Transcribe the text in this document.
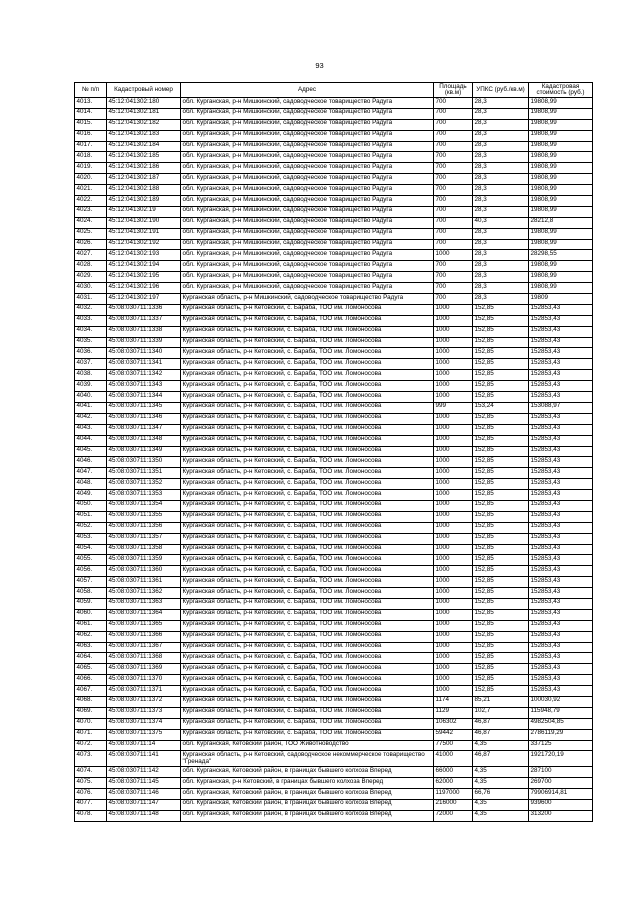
93
№ п/п	Кадастровый номер	Адрес	Площадь (кв.м)	УПКС (руб./кв.м)	Кадастровая стоимость (руб.)
4013.	45:12:041302:180	обл. Курганская, р-н Мишкинский, садоводческое товарищество Радуга	700	28,3	19808,99
4014.	45:12:041302:181	обл. Курганская, р-н Мишкинский, садоводческое товарищество Радуга	700	28,3	19808,99
4015.	45:12:041302:182	обл. Курганская, р-н Мишкинский, садоводческое товарищество Радуга	700	28,3	19808,99
4016.	45:12:041302:183	обл. Курганская, р-н Мишкинский, садоводческое товарищество Радуга	700	28,3	19808,99
4017.	45:12:041302:184	обл. Курганская, р-н Мишкинский, садоводческое товарищество Радуга	700	28,3	19808,99
4018.	45:12:041302:185	обл. Курганская, р-н Мишкинский, садоводческое товарищество Радуга	700	28,3	19808,99
4019.	45:12:041302:186	обл. Курганская, р-н Мишкинский, садоводческое товарищество Радуга	700	28,3	19808,99
4020.	45:12:041302:187	обл. Курганская, р-н Мишкинский, садоводческое товарищество Радуга	700	28,3	19808,99
4021.	45:12:041302:188	обл. Курганская, р-н Мишкинский, садоводческое товарищество Радуга	700	28,3	19808,99
4022.	45:12:041302:189	обл. Курганская, р-н Мишкинский, садоводческое товарищество Радуга	700	28,3	19808,99
4023.	45:12:041302:19	обл. Курганская, р-н Мишкинский, садоводческое товарищество Радуга	700	28,3	19808,99
4024.	45:12:041302:190	обл. Курганская, р-н Мишкинский, садоводческое товарищество Радуга	700	40,3	28212,8
4025.	45:12:041302:191	обл. Курганская, р-н Мишкинский, садоводческое товарищество Радуга	700	28,3	19808,99
4026.	45:12:041302:192	обл. Курганская, р-н Мишкинский, садоводческое товарищество Радуга	700	28,3	19808,99
4027.	45:12:041302:193	обл. Курганская, р-н Мишкинский, садоводческое товарищество Радуга	1000	28,3	28298,55
4028.	45:12:041302:194	обл. Курганская, р-н Мишкинский, садоводческое товарищество Радуга	700	28,3	19808,99
4029.	45:12:041302:195	обл. Курганская, р-н Мишкинский, садоводческое товарищество Радуга	700	28,3	19808,99
4030.	45:12:041302:196	обл. Курганская, р-н Мишкинский, садоводческое товарищество Радуга	700	28,3	19808,99
4031.	45:12:041302:197	Курганская область, р-н Мишкинский, садоводческое товарищество Радуга	700	28,3	19809
4032.	45:08:030711:1336	Курганская область, р-н Кетовский, с. Бараба, ТОО им. Ломоносова	1000	152,85	152853,43
4033.	45:08:030711:1337	Курганская область, р-н Кетовский, с. Бараба, ТОО им. Ломоносова	1000	152,85	152853,43
4034.	45:08:030711:1338	Курганская область, р-н Кетовский, с. Бараба, ТОО им. Ломоносова	1000	152,85	152853,43
4035.	45:08:030711:1339	Курганская область, р-н Кетовский, с. Бараба, ТОО им. Ломоносова	1000	152,85	152853,43
4036.	45:08:030711:1340	Курганская область, р-н Кетовский, с. Бараба, ТОО им. Ломоносова	1000	152,85	152853,43
4037.	45:08:030711:1341	Курганская область, р-н Кетовский, с. Бараба, ТОО им. Ломоносова	1000	152,85	152853,43
4038.	45:08:030711:1342	Курганская область, р-н Кетовский, с. Бараба, ТОО им. Ломоносова	1000	152,85	152853,43
4039.	45:08:030711:1343	Курганская область, р-н Кетовский, с. Бараба, ТОО им. Ломоносова	1000	152,85	152853,43
4040.	45:08:030711:1344	Курганская область, р-н Кетовский, с. Бараба, ТОО им. Ломоносова	1000	152,85	152853,43
4041.	45:08:030711:1345	Курганская область, р-н Кетовский, с. Бараба, ТОО им. Ломоносова	999	153,24	153088,97
4042.	45:08:030711:1346	Курганская область, р-н Кетовский, с. Бараба, ТОО им. Ломоносова	1000	152,85	152853,43
4043.	45:08:030711:1347	Курганская область, р-н Кетовский, с. Бараба, ТОО им. Ломоносова	1000	152,85	152853,43
4044.	45:08:030711:1348	Курганская область, р-н Кетовский, с. Бараба, ТОО им. Ломоносова	1000	152,85	152853,43
4045.	45:08:030711:1349	Курганская область, р-н Кетовский, с. Бараба, ТОО им. Ломоносова	1000	152,85	152853,43
4046.	45:08:030711:1350	Курганская область, р-н Кетовский, с. Бараба, ТОО им. Ломоносова	1000	152,85	152853,43
4047.	45:08:030711:1351	Курганская область, р-н Кетовский, с. Бараба, ТОО им. Ломоносова	1000	152,85	152853,43
4048.	45:08:030711:1352	Курганская область, р-н Кетовский, с. Бараба, ТОО им. Ломоносова	1000	152,85	152853,43
4049.	45:08:030711:1353	Курганская область, р-н Кетовский, с. Бараба, ТОО им. Ломоносова	1000	152,85	152853,43
4050.	45:08:030711:1354	Курганская область, р-н Кетовский, с. Бараба, ТОО им. Ломоносова	1000	152,85	152853,43
4051.	45:08:030711:1355	Курганская область, р-н Кетовский, с. Бараба, ТОО им. Ломоносова	1000	152,85	152853,43
4052.	45:08:030711:1356	Курганская область, р-н Кетовский, с. Бараба, ТОО им. Ломоносова	1000	152,85	152853,43
4053.	45:08:030711:1357	Курганская область, р-н Кетовский, с. Бараба, ТОО им. Ломоносова	1000	152,85	152853,43
4054.	45:08:030711:1358	Курганская область, р-н Кетовский, с. Бараба, ТОО им. Ломоносова	1000	152,85	152853,43
4055.	45:08:030711:1359	Курганская область, р-н Кетовский, с. Бараба, ТОО им. Ломоносова	1000	152,85	152853,43
4056.	45:08:030711:1360	Курганская область, р-н Кетовский, с. Бараба, ТОО им. Ломоносова	1000	152,85	152853,43
4057.	45:08:030711:1361	Курганская область, р-н Кетовский, с. Бараба, ТОО им. Ломоносова	1000	152,85	152853,43
4058.	45:08:030711:1362	Курганская область, р-н Кетовский, с. Бараба, ТОО им. Ломоносова	1000	152,85	152853,43
4059.	45:08:030711:1363	Курганская область, р-н Кетовский, с. Бараба, ТОО им. Ломоносова	1000	152,85	152853,43
4060.	45:08:030711:1364	Курганская область, р-н Кетовский, с. Бараба, ТОО им. Ломоносова	1000	152,85	152853,43
4061.	45:08:030711:1365	Курганская область, р-н Кетовский, с. Бараба, ТОО им. Ломоносова	1000	152,85	152853,43
4062.	45:08:030711:1366	Курганская область, р-н Кетовский, с. Бараба, ТОО им. Ломоносова	1000	152,85	152853,43
4063.	45:08:030711:1367	Курганская область, р-н Кетовский, с. Бараба, ТОО им. Ломоносова	1000	152,85	152853,43
4064.	45:08:030711:1368	Курганская область, р-н Кетовский, с. Бараба, ТОО им. Ломоносова	1000	152,85	152853,43
4065.	45:08:030711:1369	Курганская область, р-н Кетовский, с. Бараба, ТОО им. Ломоносова	1000	152,85	152853,43
4066.	45:08:030711:1370	Курганская область, р-н Кетовский, с. Бараба, ТОО им. Ломоносова	1000	152,85	152853,43
4067.	45:08:030711:1371	Курганская область, р-н Кетовский, с. Бараба, ТОО им. Ломоносова	1000	152,85	152853,43
4068.	45:08:030711:1372	Курганская область, р-н Кетовский, с. Бараба, ТОО им. Ломоносова	1174	85,21	100030,92
4069.	45:08:030711:1373	Курганская область, р-н Кетовский, с. Бараба, ТОО им. Ломоносова	1129	102,7	115948,79
4070.	45:08:030711:1374	Курганская область, р-н Кетовский, с. Бараба, ТОО им. Ломоносова	106302	46,87	4982504,85
4071.	45:08:030711:1375	Курганская область, р-н Кетовский, с. Бараба, ТОО им. Ломоносова	59442	46,87	2786119,29
4072.	45:08:030711:14	обл. Курганская, Кетовский район, ТОО Животноводство	77500	4,35	337125
4073.	45:08:030711:141	Курганская область, р-н Кетовский, садоводческое некоммерческое товарищество "Гренада"	41000	46,87	1921720,19
4074.	45:08:030711:142	обл. Курганская, Кетовский район, в границах бывшего колхоза Вперед	66000	4,35	287100
4075.	45:08:030711:145	обл. Курганская, р-н Кетовский, в границах бывшего колхоза Вперед	62000	4,35	269700
4076.	45:08:030711:146	обл. Курганская, Кетовский район, в границах бывшего колхоза Вперед	1197000	66,76	79906914,81
4077.	45:08:030711:147	обл. Курганская, Кетовский район, в границах бывшего колхоза Вперед	216000	4,35	939600
4078.	45:08:030711:148	обл. Курганская, Кетовский район, в границах бывшего колхоза Вперед	72000	4,35	313200
